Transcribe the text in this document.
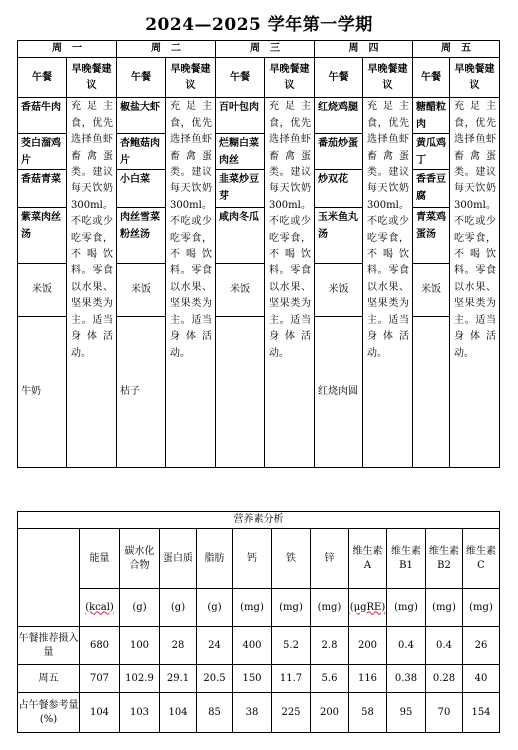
2024—2025 学年第一学期
周　一		周　二		周　三		周　四		周　五	
午餐	早晚餐建议	午餐	早晚餐建议	午餐	早晚餐建议	午餐	早晚餐建议	午餐	早晚餐建议
香菇牛肉	充足主食，优先选择鱼虾畜禽蛋类。建议每天饮奶300ml。不吃或少吃零食，不喝饮料。零食以水果、坚果类为主。适当身体活动。	椒盐大虾	充足主食，优先选择鱼虾畜禽蛋类。建议每天饮奶300ml。不吃或少吃零食，不喝饮料。零食以水果、坚果类为主。适当身体活动。	百叶包肉	充足主食，优先选择鱼虾畜禽蛋类。建议每天饮奶300ml。不吃或少吃零食，不喝饮料。零食以水果、坚果类为主。适当身体活动。	红烧鸡腿	充足主食，优先选择鱼虾畜禽蛋类。建议每天饮奶300ml。不吃或少吃零食，不喝饮料。零食以水果、坚果类为主。适当身体活动。	糖醋粒肉	充足主食，优先选择鱼虾畜禽蛋类。建议每天饮奶300ml。不吃或少吃零食，不喝饮料。零食以水果、坚果类为主。适当身体活动。
茭白溜鸡片		杏鲍菇肉片		烂糊白菜肉丝		番茄炒蛋		黄瓜鸡丁	
香菇青菜		小白菜		韭菜炒豆芽		炒双花		香香豆腐	
紫菜肉丝汤		肉丝雪菜粉丝汤		咸肉冬瓜		玉米鱼丸汤		青菜鸡蛋汤	
米饭		米饭		米饭		米饭		米饭	
牛奶		桔子				红烧肉圆			
营养素分析											
	能量	碳水化合物	蛋白质	脂肪	钙	铁	锌	维生素A	维生素B1	维生素B2	维生素C
	(kcal)	(g)	(g)	(g)	(mg)	(mg)	(mg)	(μgRE)	(mg)	(mg)	(mg)
午餐推荐摄入量	680	100	28	24	400	5.2	2.8	200	0.4	0.4	26
周五	707	102.9	29.1	20.5	150	11.7	5.6	116	0.38	0.28	40
占午餐参考量(%)	104	103	104	85	38	225	200	58	95	70	154
